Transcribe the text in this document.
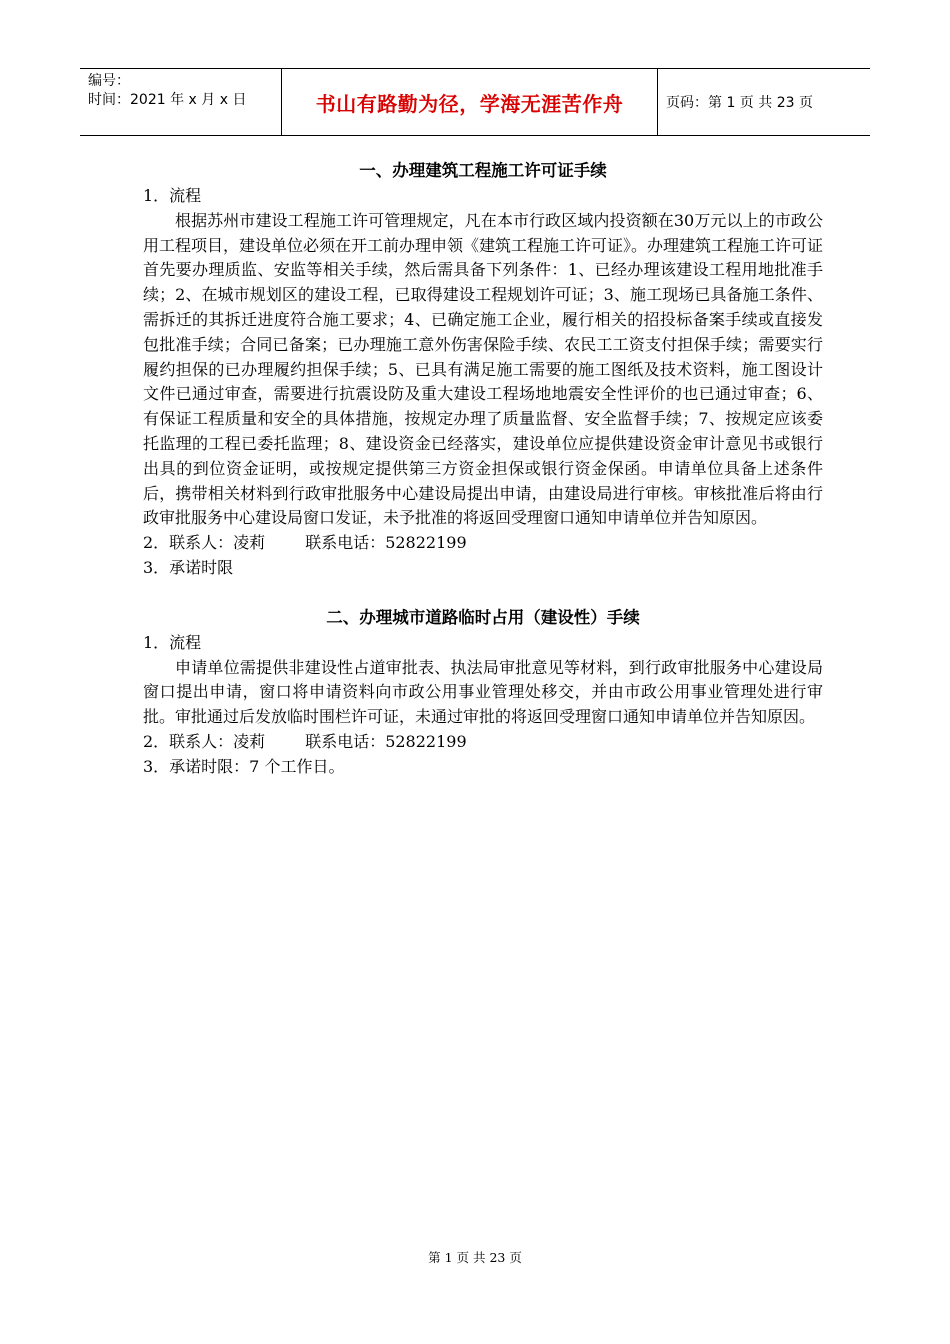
编号：
时间：2021 年 x 月 x 日	书山有路勤为径，学海无涯苦作舟	页码：第 1 页 共 23 页
一、办理建筑工程施工许可证手续
1．流程
根据苏州市建设工程施工许可管理规定，凡在本市行政区域内投资额在30万元以上的市政公用工程项目，建设单位必须在开工前办理申领《建筑工程施工许可证》。办理建筑工程施工许可证首先要办理质监、安监等相关手续，然后需具备下列条件：1、已经办理该建设工程用地批准手续；2、在城市规划区的建设工程，已取得建设工程规划许可证；3、施工现场已具备施工条件、需拆迁的其拆迁进度符合施工要求；4、已确定施工企业，履行相关的招投标备案手续或直接发包批准手续；合同已备案；已办理施工意外伤害保险手续、农民工工资支付担保手续；需要实行履约担保的已办理履约担保手续；5、已具有满足施工需要的施工图纸及技术资料，施工图设计文件已通过审查，需要进行抗震设防及重大建设工程场地地震安全性评价的也已通过审查；6、有保证工程质量和安全的具体措施，按规定办理了质量监督、安全监督手续；7、按规定应该委托监理的工程已委托监理；8、建设资金已经落实，建设单位应提供建设资金审计意见书或银行出具的到位资金证明，或按规定提供第三方资金担保或银行资金保函。申请单位具备上述条件后，携带相关材料到行政审批服务中心建设局提出申请，由建设局进行审核。审核批准后将由行政审批服务中心建设局窗口发证，未予批准的将返回受理窗口通知申请单位并告知原因。
2．联系人：凌莉	联系电话：52822199
3．承诺时限
二、办理城市道路临时占用（建设性）手续
1．流程
申请单位需提供非建设性占道审批表、执法局审批意见等材料，到行政审批服务中心建设局窗口提出申请，窗口将申请资料向市政公用事业管理处移交，并由市政公用事业管理处进行审批。审批通过后发放临时围栏许可证，未通过审批的将返回受理窗口通知申请单位并告知原因。
2．联系人：凌莉	联系电话：52822199
3．承诺时限：7 个工作日。
第 1 页 共 23 页
